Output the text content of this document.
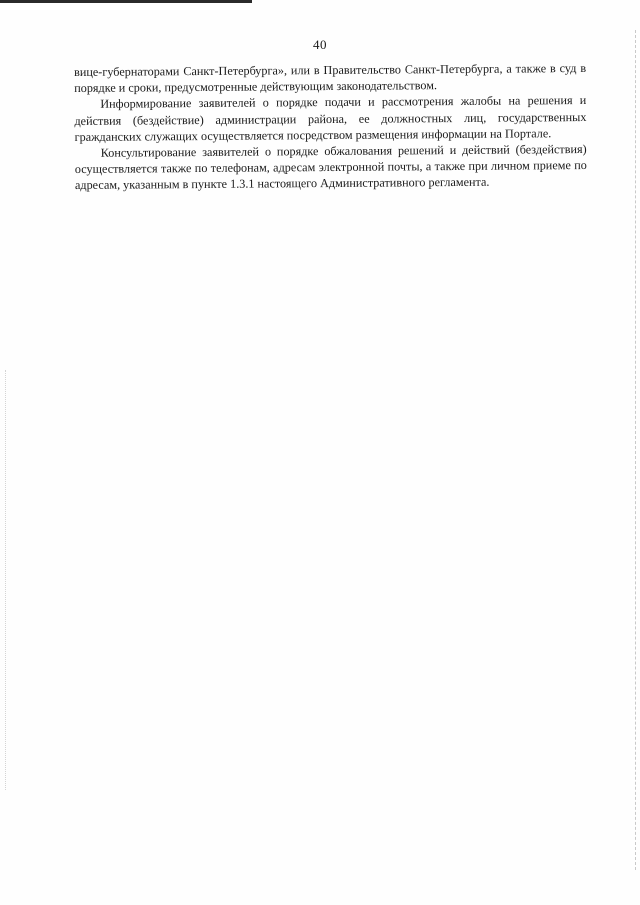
40

вице-губернаторами Санкт-Петербурга», или в Правительство Санкт-Петербурга, а также в суд в порядке и сроки, предусмотренные действующим законодательством.

Информирование заявителей о порядке подачи и рассмотрения жалобы на решения и действия (бездействие) администрации района, ее должностных лиц, государственных гражданских служащих осуществляется посредством размещения информации на Портале.

Консультирование заявителей о порядке обжалования решений и действий (бездействия) осуществляется также по телефонам, адресам электронной почты, а также при личном приеме по адресам, указанным в пункте 1.3.1 настоящего Административного регламента.
